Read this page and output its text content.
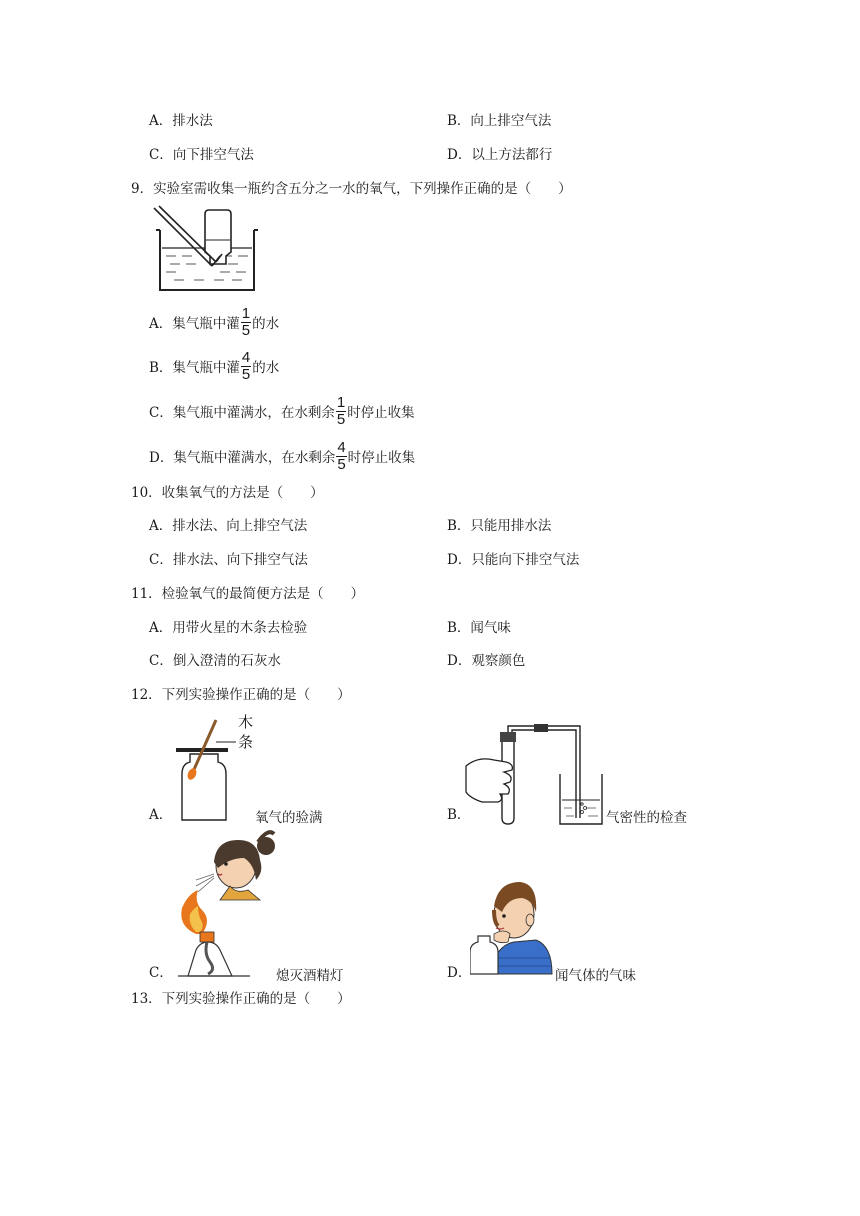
A．排水法	B．向上排空气法
C．向下排空气法	D．以上方法都行
9．实验室需收集一瓶约含五分之一水的氧气，下列操作正确的是（　　）
A．集气瓶中灌 $\frac{1}{5}$ 的水
B．集气瓶中灌 $\frac{4}{5}$ 的水
C．集气瓶中灌满水，在水剩余 $\frac{1}{5}$ 时停止收集
D．集气瓶中灌满水，在水剩余 $\frac{4}{5}$ 时停止收集
10．收集氧气的方法是（　　）
A．排水法、向上排空气法	B．只能用排水法
C．排水法、向下排空气法	D．只能向下排空气法
11．检验氧气的最简便方法是（　　）
A．用带火星的木条去检验	B．闻气味
C．倒入澄清的石灰水	D．观察颜色
12．下列实验操作正确的是（　　）
木
条
A．	氧气的验满	B．	气密性的检查
C．	熄灭酒精灯	D．	闻气体的气味
13．下列实验操作正确的是（　　）
